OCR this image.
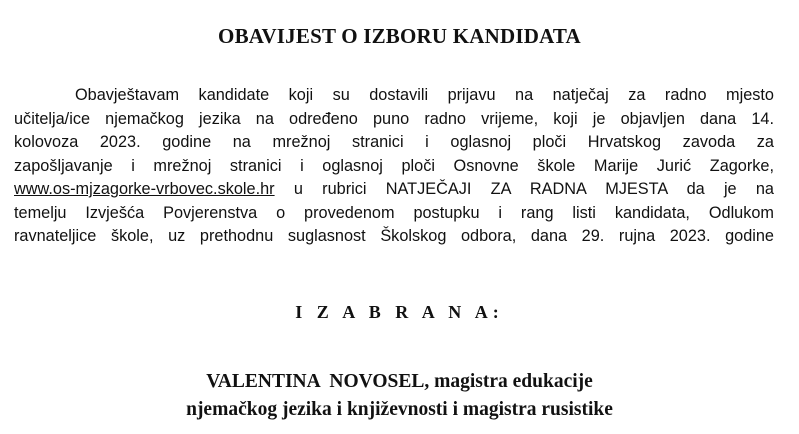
OBAVIJEST O IZBORU KANDIDATA
Obavještavam kandidate koji su dostavili prijavu na natječaj za radno mjesto
učitelja/ice njemačkog jezika na određeno puno radno vrijeme, koji je objavljen dana 14.
kolovoza 2023. godine na mrežnoj stranici i oglasnoj ploči Hrvatskog zavoda za
zapošljavanje i mrežnoj stranici i oglasnoj ploči Osnovne škole Marije Jurić Zagorke,
www.os-mjzagorke-vrbovec.skole.hr u rubrici NATJEČAJI ZA RADNA MJESTA da je na
temelju Izvješća Povjerenstva o provedenom postupku i rang listi kandidata, Odlukom
ravnateljice škole, uz prethodnu suglasnost Školskog odbora, dana 29. rujna 2023. godine
I Z A B R A N A:
VALENTINA  NOVOSEL, magistra edukacije
njemačkog jezika i književnosti i magistra rusistike
